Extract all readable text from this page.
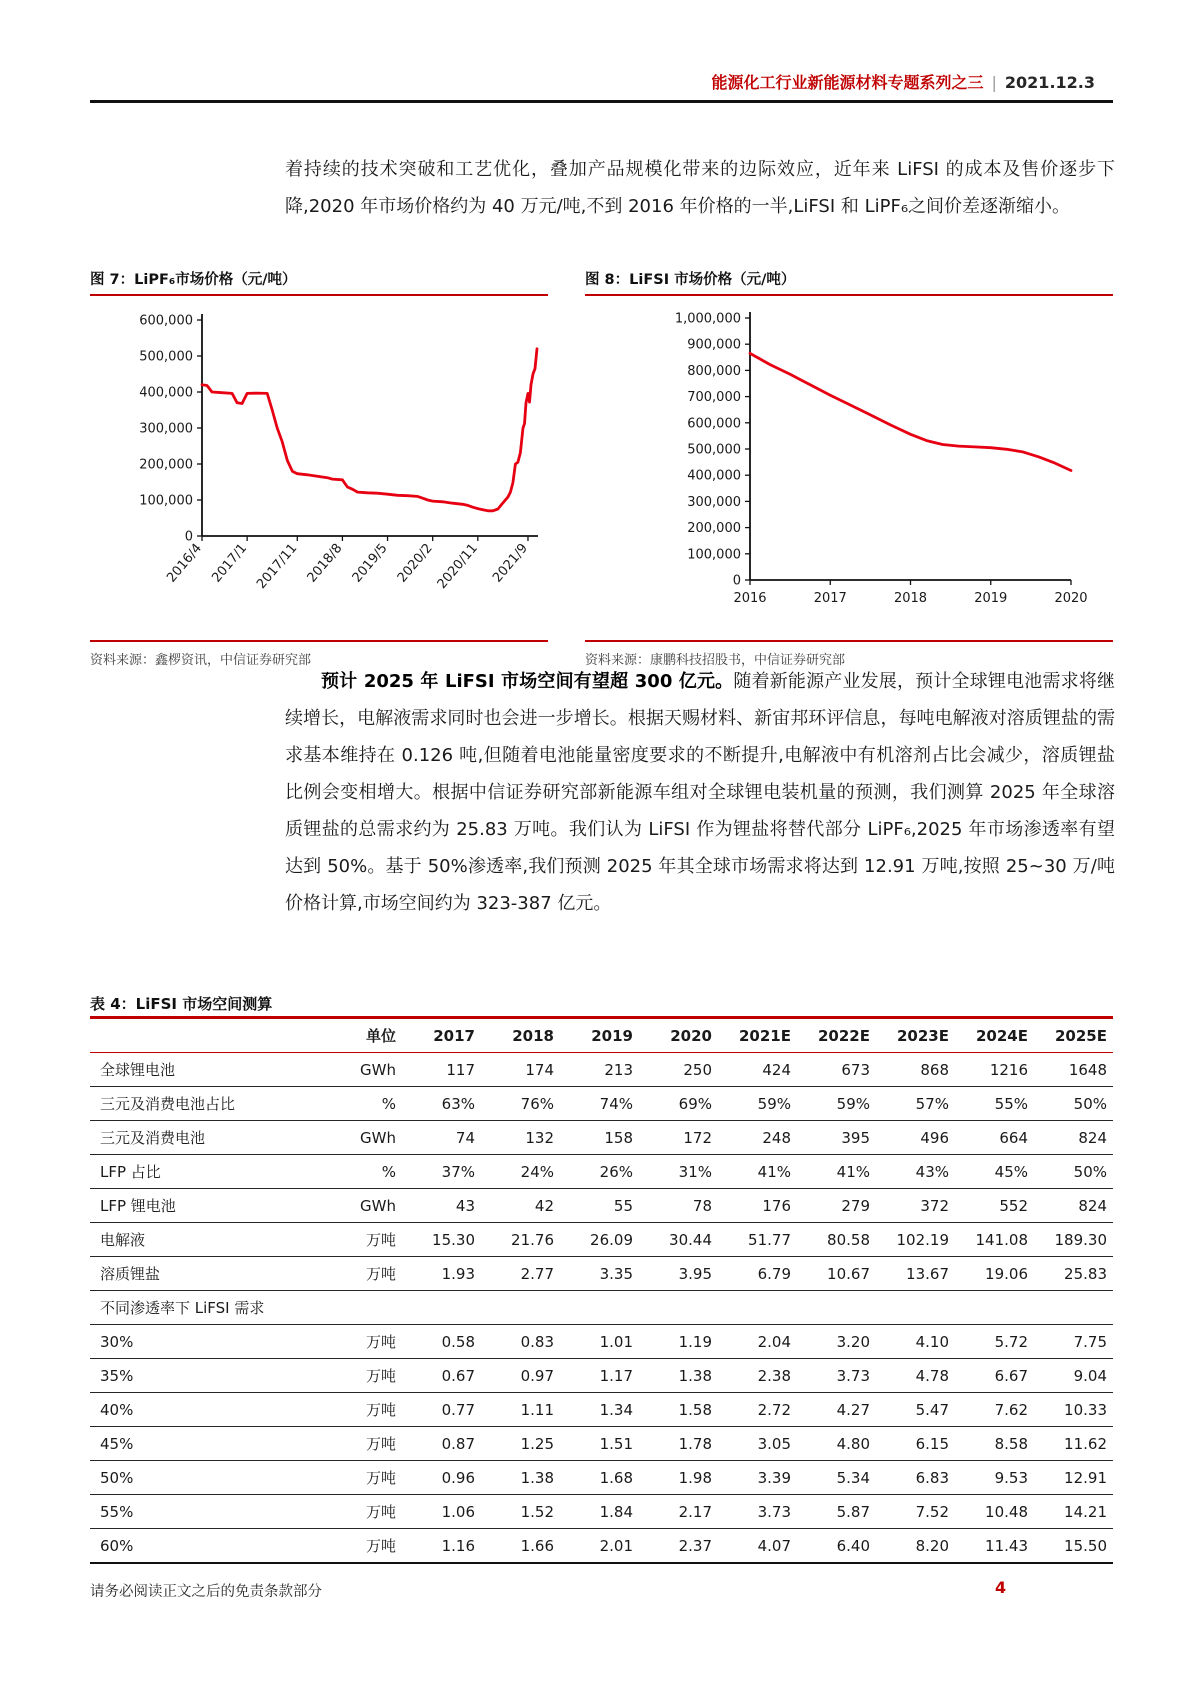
能源化工行业新能源材料专题系列之三 | 2021.12.3

着持续的技术突破和工艺优化，叠加产品规模化带来的边际效应，近年来 LiFSI 的成本及售价逐步下降,2020 年市场价格约为 40 万元/吨,不到 2016 年价格的一半,LiFSI 和 LiPF₆之间价差逐渐缩小。

图 7：LiPF₆市场价格（元/吨）
0
100,000
200,000
300,000
400,000
500,000
600,000
2016/4 2017/1 2017/11 2018/8 2019/5 2020/2
2020/11 2021/9
资料来源：鑫椤资讯，中信证券研究部
图 8：LiFSI 市场价格（元/吨）
0
100,000
200,000
300,000
400,000
500,000
600,000
700,000
800,000
900,000
1,000,000
2016	2017	2018	2019	2020
资料来源：康鹏科技招股书，中信证券研究部

预计 2025 年 LiFSI 市场空间有望超 300 亿元。随着新能源产业发展，预计全球锂电池需求将继续增长，电解液需求同时也会进一步增长。根据天赐材料、新宙邦环评信息，每吨电解液对溶质锂盐的需求基本维持在 0.126 吨,但随着电池能量密度要求的不断提升,电解液中有机溶剂占比会减少，溶质锂盐比例会变相增大。根据中信证券研究部新能源车组对全球锂电装机量的预测，我们测算 2025 年全球溶质锂盐的总需求约为 25.83 万吨。我们认为 LiFSI 作为锂盐将替代部分 LiPF₆,2025 年市场渗透率有望达到 50%。基于 50%渗透率,我们预测 2025 年其全球市场需求将达到 12.91 万吨,按照 25~30 万/吨价格计算,市场空间约为 323-387 亿元。

表 4：LiFSI 市场空间测算
	单位	2017	2018	2019	2020	2021E	2022E	2023E	2024E	2025E
全球锂电池	GWh	117	174	213	250	424	673	868	1216	1648
三元及消费电池占比	%	63%	76%	74%	69%	59%	59%	57%	55%	50%
三元及消费电池	GWh	74	132	158	172	248	395	496	664	824
LFP 占比	%	37%	24%	26%	31%	41%	41%	43%	45%	50%
LFP 锂电池	GWh	43	42	55	78	176	279	372	552	824
电解液	万吨	15.30	21.76	26.09	30.44	51.77	80.58	102.19	141.08	189.30
溶质锂盐	万吨	1.93	2.77	3.35	3.95	6.79	10.67	13.67	19.06	25.83
不同渗透率下 LiFSI 需求										
30%	万吨	0.58	0.83	1.01	1.19	2.04	3.20	4.10	5.72	7.75
35%	万吨	0.67	0.97	1.17	1.38	2.38	3.73	4.78	6.67	9.04
40%	万吨	0.77	1.11	1.34	1.58	2.72	4.27	5.47	7.62	10.33
45%	万吨	0.87	1.25	1.51	1.78	3.05	4.80	6.15	8.58	11.62
50%	万吨	0.96	1.38	1.68	1.98	3.39	5.34	6.83	9.53	12.91
55%	万吨	1.06	1.52	1.84	2.17	3.73	5.87	7.52	10.48	14.21
60%	万吨	1.16	1.66	2.01	2.37	4.07	6.40	8.20	11.43	15.50
请务必阅读正文之后的免责条款部分	4
